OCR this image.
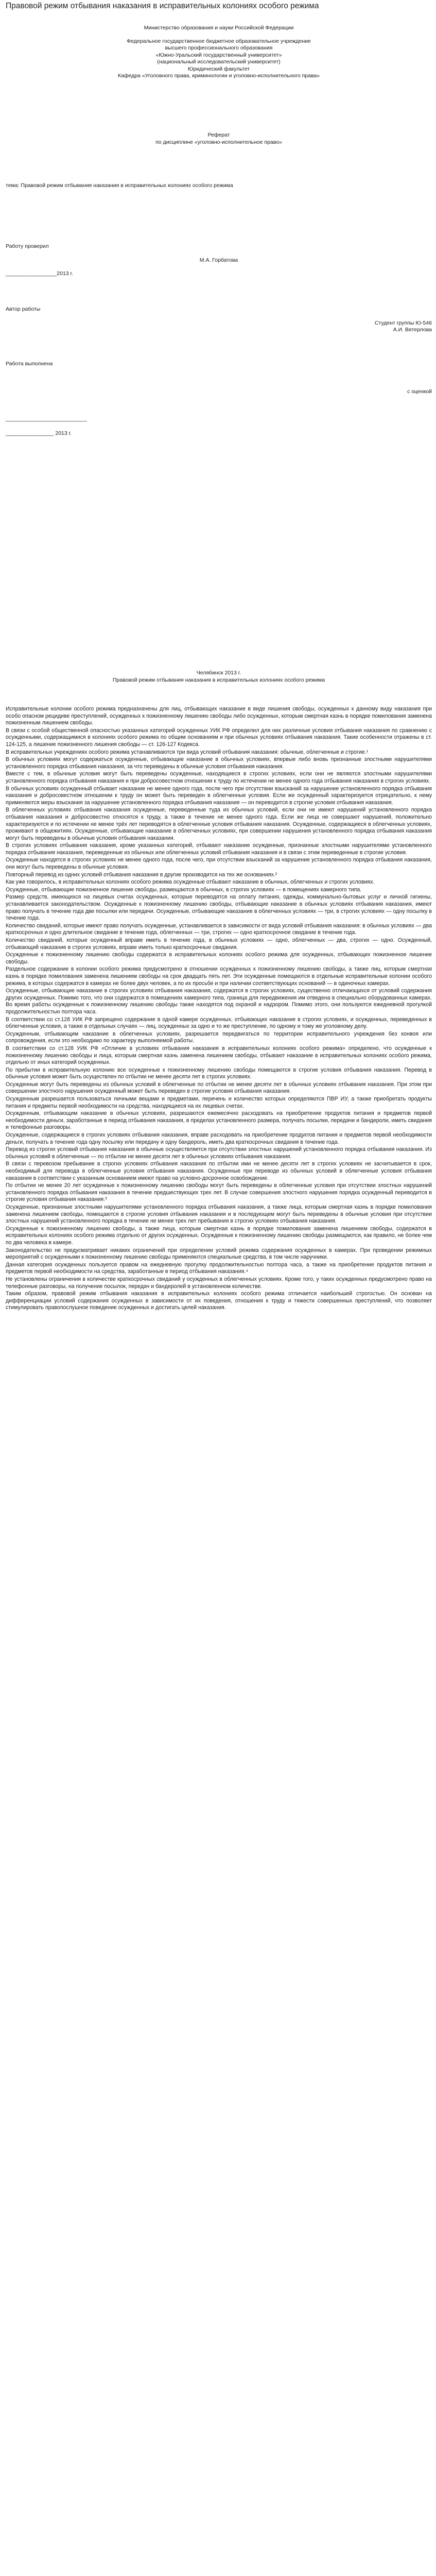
Правовой режим отбывания наказания в исправительных колониях особого режима
Министерство образования и науки Российской Федерации
Федеральное государственное бюджетное образовательное учреждение
высшего профессионального образования
«Южно-Уральский государственный университет»
(национальный исследовательский университет)
Юридический факультет
Кафедра «Уголовного права, криминологии и уголовно-исполнительного права»
Реферат
по дисциплине «уголовно-исполнительное право»
тема: Правовой режим отбывания наказания в исправительных колониях особого режима
Работу проверил
М.А. Горбатова
_________________2013 г.
Автор работы
Студент группы Ю-546
А.И. Вятерлова
Работа выполнена
с оценкой
___________________________
________________ 2013 г.
Челябинск 2013 г.
Правовой режим отбывания наказания в исправительных колониях особого режима

Исправительные колонии особого режима предназначены для лиц, отбывающих наказание в виде лишения свободы, осужденных к данному виду наказания при особо опасном рецидиве преступлений, осужденных к пожизненному лишению свободы либо осужденных, которым смертная казнь в порядке помилования заменена пожизненным лишением свободы.

В связи с особой общественной опасностью указанных категорий осужденных УИК РФ определил для них различные условия отбывания наказания по сравнению с осужденными, содержащимися в колониях особого режима по общим основаниям и при обычных условиях отбывания наказания. Такие особенности отражены в ст. 124-125, а лишение пожизненного лишения свободы — ст. 126-127 Кодекса.

В исправительных учреждениях особого режима устанавливаются три вида условий отбывания наказания: обычные, облегченные и строгие.¹

В обычных условиях могут содержаться осужденные, отбывающие наказание в обычных условиях, впервые либо вновь признанные злостными нарушителями установленного порядка отбывания наказания, за что переведены в обычные условия отбывания наказания.

Вместе с тем, в обычные условия могут быть переведены осужденные, находящиеся в строгих условиях, если они не являются злостными нарушителями установленного порядка отбывания наказания и при добросовестном отношении к труду по истечении не менее одного года отбывания наказания в строгих условиях.

В обычных условиях осужденный отбывает наказание не менее одного года, после чего при отсутствии взысканий за нарушение установленного порядка отбывания наказания и добросовестном отношении к труду он может быть переведен в облегченные условия. Если же осужденный характеризуется отрицательно, к нему применяются меры взыскания за нарушение установленного порядка отбывания наказания — он переводится в строгие условия отбывания наказания.

В облегченных условиях отбывания наказания осужденные, переведенные туда из обычных условий, если они не имеют нарушений установленного порядка отбывания наказания и добросовестно относятся к труду, а также в течение не менее одного года. Если же лица не совершают нарушений, положительно характеризуются и по истечении не менее трёх лет переводятся в облегченные условия отбывания наказания. Осужденные, содержащиеся в облегченных условиях, проживают в общежитиях. Осужденные, отбывающие наказание в облегченных условиях, при совершении нарушения установленного порядка отбывания наказания могут быть переведены в обычные условия отбывания наказания.

В строгих условиях отбывания наказания, кроме указанных категорий, отбывают наказание осужденные, признанные злостными нарушителями установленного порядка отбывания наказания, переведенные из обычных или облегченных условий отбывания наказания и в связи с этим переведенные в строгие условия.

Осужденные находятся в строгих условиях не менее одного года, после чего, при отсутствии взысканий за нарушение установленного порядка отбывания наказания, они могут быть переведены в обычные условия.

Повторный перевод из одних условий отбывания наказания в другие производится на тех же основаниях.²

Как уже говорилось, в исправительных колониях особого режима осужденные отбывают наказание в обычных, облегченных и строгих условиях.

Осужденные, отбывающие пожизненное лишение свободы, размещаются в обычных, в строгих условиях — в помещениях камерного типа.

Размер средств, имеющихся на лицевых счетах осужденных, которые переводятся на оплату питания, одежды, коммунально-бытовых услуг и личной гигиены, устанавливается законодательством. Осужденные к пожизненному лишению свободы, отбывающие наказание в обычных условиях отбывания наказания, имеют право получать в течение года две посылки или передачи. Осужденные, отбывающие наказание в облегченных условиях — три, в строгих условиях — одну посылку в течение года.

Количество свиданий, которые имеют право получать осужденные, устанавливается в зависимости от вида условий отбывания наказания: в обычных условиях — два краткосрочных и одно длительное свидание в течение года, облегченных — три, строгих — одно краткосрочное свидание в течение года.

Количество свиданий, которые осужденный вправе иметь в течение года, в обычных условиях — одно, облегченных — два, строгих — одно. Осужденный, отбывающий наказание в строгих условиях, вправе иметь только краткосрочные свидания.

Осужденные к пожизненному лишению свободы содержатся в исправительных колониях особого режима для осужденных, отбывающих пожизненное лишение свободы.

Раздельное содержание в колонии особого режима предусмотрено в отношении осужденных к пожизненному лишению свободы, а также лиц, которым смертная казнь в порядке помилования заменена лишением свободы на срок двадцать пять лет. Эти осужденные помещаются в отдельные исправительные колонии особого режима, в которых содержатся в камерах не более двух человек, а по их просьбе и при наличии соответствующих оснований — в одиночных камерах.

Осужденные, отбывающие наказание в строгих условиях отбывания наказания, содержатся в строгих условиях, существенно отличающихся от условий содержания других осужденных. Помимо того, что они содержатся в помещениях камерного типа, граница для передвижения им отведена в специально оборудованных камерах. Во время работы осужденные к пожизненному лишению свободы также находятся под охраной и надзором. Помимо этого, они пользуются ежедневной прогулкой продолжительностью полтора часа.

В соответствии со ст.128 УИК РФ запрещено содержание в одной камере осужденных, отбывающих наказание в строгих условиях, и осужденных, переведенных в облегченные условия, а также в отдельных случаях — лиц, осужденных за одно и то же преступление, по одному и тому же уголовному делу.

Осужденным, отбывающим наказание в облегченных условиях, разрешается передвигаться по территории исправительного учреждения без конвоя или сопровождения, если это необходимо по характеру выполняемой работы.

В соответствии со ст.128 УИК РФ «Отличие в условиях отбывания наказания в исправительных колониях особого режима» определено, что осужденные к пожизненному лишению свободы и лица, которым смертная казнь заменена лишением свободы, отбывают наказание в исправительных колониях особого режима, отдельно от иных категорий осужденных.

По прибытии в исправительную колонию все осужденные к пожизненному лишению свободы помещаются в строгие условия отбывания наказания. Перевод в обычные условия может быть осуществлен по отбытии не менее десяти лет в строгих условиях.

Осужденные могут быть переведены из обычных условий в облегченные по отбытии не менее десяти лет в обычных условиях отбывания наказания. При этом при совершении злостного нарушения осужденный может быть переведен в строгие условия отбывания наказания.

Осужденным разрешается пользоваться личными вещами и предметами, перечень и количество которых определяются ПВР ИУ, а также приобретать продукты питания и предметы первой необходимости на средства, находящиеся на их лицевых счетах.

Осужденным, отбывающим наказание в обычных условиях, разрешаются ежемесячно расходовать на приобретение продуктов питания и предметов первой необходимости деньги, заработанные в период отбывания наказания, в пределах установленного размера, получать посылки, передачи и бандероли, иметь свидания и телефонные разговоры.

Осужденные, содержащиеся в строгих условиях отбывания наказания, вправе расходовать на приобретение продуктов питания и предметов первой необходимости деньги, получать в течение года одну посылку или передачу и одну бандероль, иметь два краткосрочных свидания в течение года.

Перевод из строгих условий отбывания наказания в обычные осуществляется при отсутствии злостных нарушений установленного порядка отбывания наказания. Из обычных условий в облегченные — по отбытии не менее десяти лет в обычных условиях отбывания наказания.

В связи с перевозом пребывание в строгих условиях отбывания наказания по отбытии ими не менее десяти лет в строгих условиях не засчитывается в срок, необходимый для перевода в облегченные условия отбывания наказания. Осужденные при переводе из обычных условий в облегченные условия отбывания наказания в соответствии с указанным основанием имеют право на условно-досрочное освобождение.

По отбытии не менее 20 лет осужденные к пожизненному лишению свободы могут быть переведены в облегченные условия при отсутствии злостных нарушений установленного порядка отбывания наказания в течение предшествующих трех лет. В случае совершения злостного нарушения порядка осужденный переводится в строгие условия отбывания наказания.³

Осужденные, признанные злостными нарушителями установленного порядка отбывания наказания, а также лица, которым смертная казнь в порядке помилования заменена лишением свободы, помещаются в строгие условия отбывания наказания и в последующем могут быть переведены в обычные условия при отсутствии злостных нарушений установленного порядка в течение не менее трех лет пребывания в строгих условиях отбывания наказания.

Осужденные к пожизненному лишению свободы, а также лица, которым смертная казнь в порядке помилования заменена лишением свободы, содержатся в исправительных колониях особого режима отдельно от других осужденных. Осужденные к пожизненному лишению свободы размещаются, как правило, не более чем по два человека в камере.

Законодательство не предусматривает никаких ограничений при определении условий режима содержания осужденных в камерах. При проведении режимных мероприятий с осужденными к пожизненному лишению свободы применяются специальные средства, в том числе наручники.

Данная категория осужденных пользуется правом на ежедневную прогулку продолжительностью полтора часа, а также на приобретение продуктов питания и предметов первой необходимости на средства, заработанные в период отбывания наказания.⁴

Не установлены ограничения в количестве краткосрочных свиданий у осужденных в облегченных условиях. Кроме того, у таких осужденных предусмотрено право на телефонные разговоры, на получение посылок, передач и бандеролей в установленном количестве.

Таким образом, правовой режим отбывания наказания в исправительных колониях особого режима отличается наибольшей строгостью. Он основан на дифференциации условий содержания осужденных в зависимости от их поведения, отношения к труду и тяжести совершенных преступлений, что позволяет стимулировать правопослушное поведение осужденных и достигать целей наказания.
